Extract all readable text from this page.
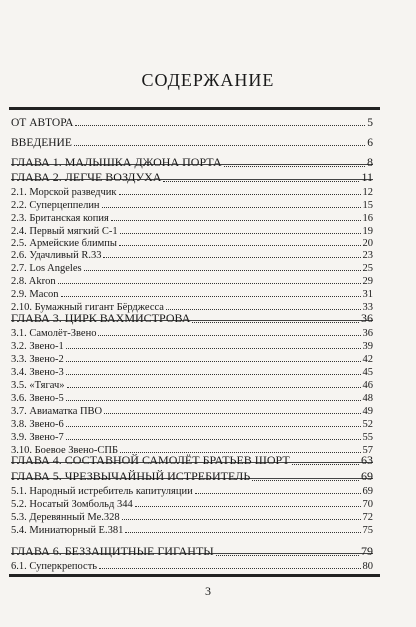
СОДЕРЖАНИЕ
ОТ АВТОРА	5
ВВЕДЕНИЕ	6
ГЛАВА 1. МАЛЫШКА ДЖОНА ПОРТА	8
ГЛАВА 2. ЛЕГЧЕ ВОЗДУХА	11
2.1. Морской разведчик	12
2.2. Суперцеппелин	15
2.3. Британская копия	16
2.4. Первый мягкий С-1	19
2.5. Армейские блимпы	20
2.6. Удачливый R.33	23
2.7. Los Angeles	25
2.8. Akron	29
2.9. Macon	31
2.10. Бумажный гигант Бёрджесса	33
ГЛАВА 3. ЦИРК ВАХМИСТРОВА	36
3.1. Самолёт-Звено	36
3.2. Звено-1	39
3.3. Звено-2	42
3.4. Звено-3	45
3.5. «Тягач»	46
3.6. Звено-5	48
3.7. Авиаматка ПВО	49
3.8. Звено-6	52
3.9. Звено-7	55
3.10. Боевое Звено-СПБ	57
ГЛАВА 4. СОСТАВНОЙ САМОЛЁТ БРАТЬЕВ ШОРТ	63
ГЛАВА 5. ЧРЕЗВЫЧАЙНЫЙ ИСТРЕБИТЕЛЬ	69
5.1. Народный истребитель капитуляции	69
5.2. Носатый Зомбольд 344	70
5.3. Деревянный Ме.328	72
5.4. Миниатюрный Е.381	75
ГЛАВА 6. БЕЗЗАЩИТНЫЕ ГИГАНТЫ	79
6.1. Суперкрепость	80
3
